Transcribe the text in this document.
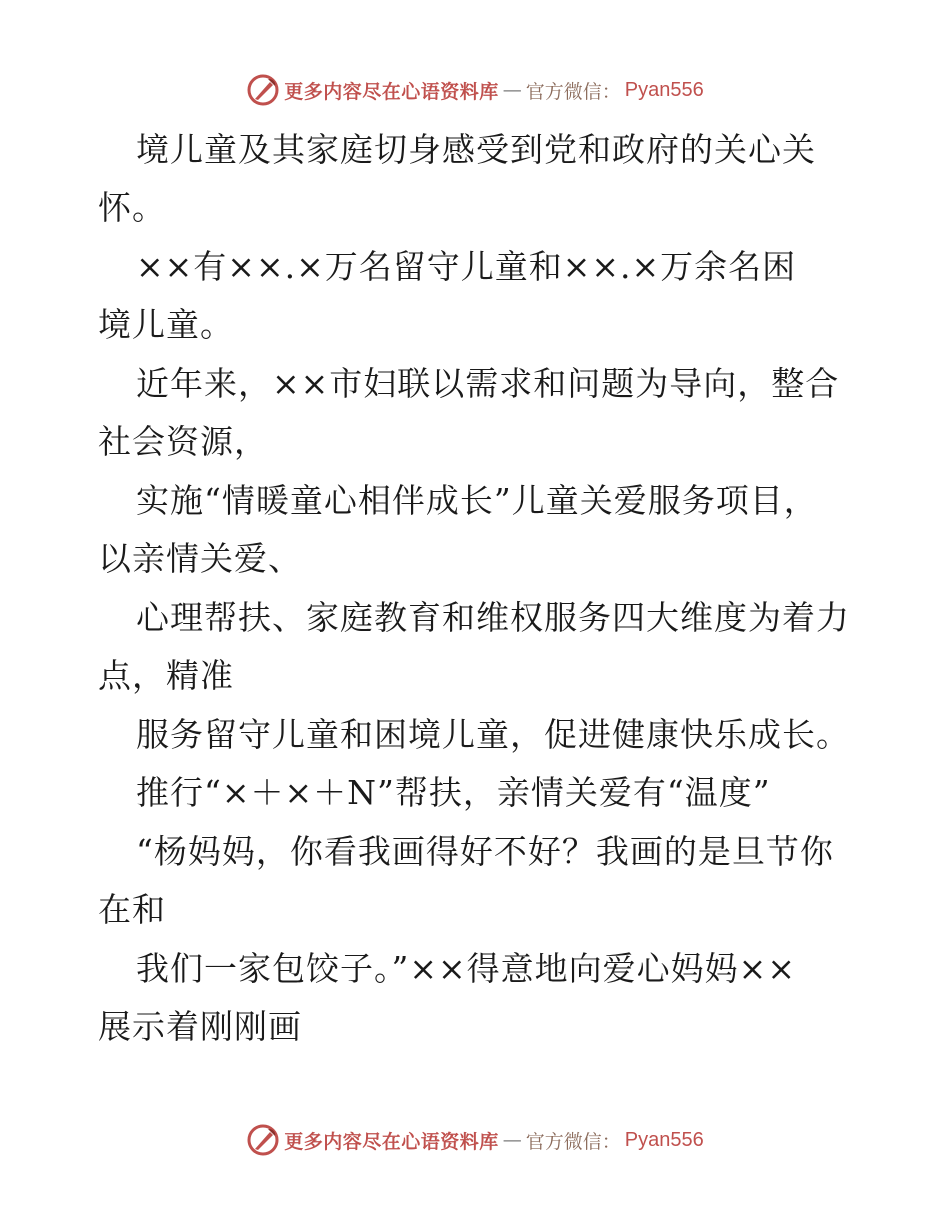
更多内容尽在心语资料库 — 官方微信： Pyan556
境儿童及其家庭切身感受到党和政府的关心关
怀。
××有××.×万名留守儿童和××.×万余名困
境儿童。
近年来，××市妇联以需求和问题为导向，整合
社会资源，
实施“情暖童心相伴成长”儿童关爱服务项目，
以亲情关爱、
心理帮扶、家庭教育和维权服务四大维度为着力
点，精准
服务留守儿童和困境儿童，促进健康快乐成长。
推行“×＋×＋N”帮扶，亲情关爱有“温度”
“杨妈妈，你看我画得好不好？我画的是旦节你
在和
我们一家包饺子。”××得意地向爱心妈妈××
展示着刚刚画
更多内容尽在心语资料库 — 官方微信： Pyan556
